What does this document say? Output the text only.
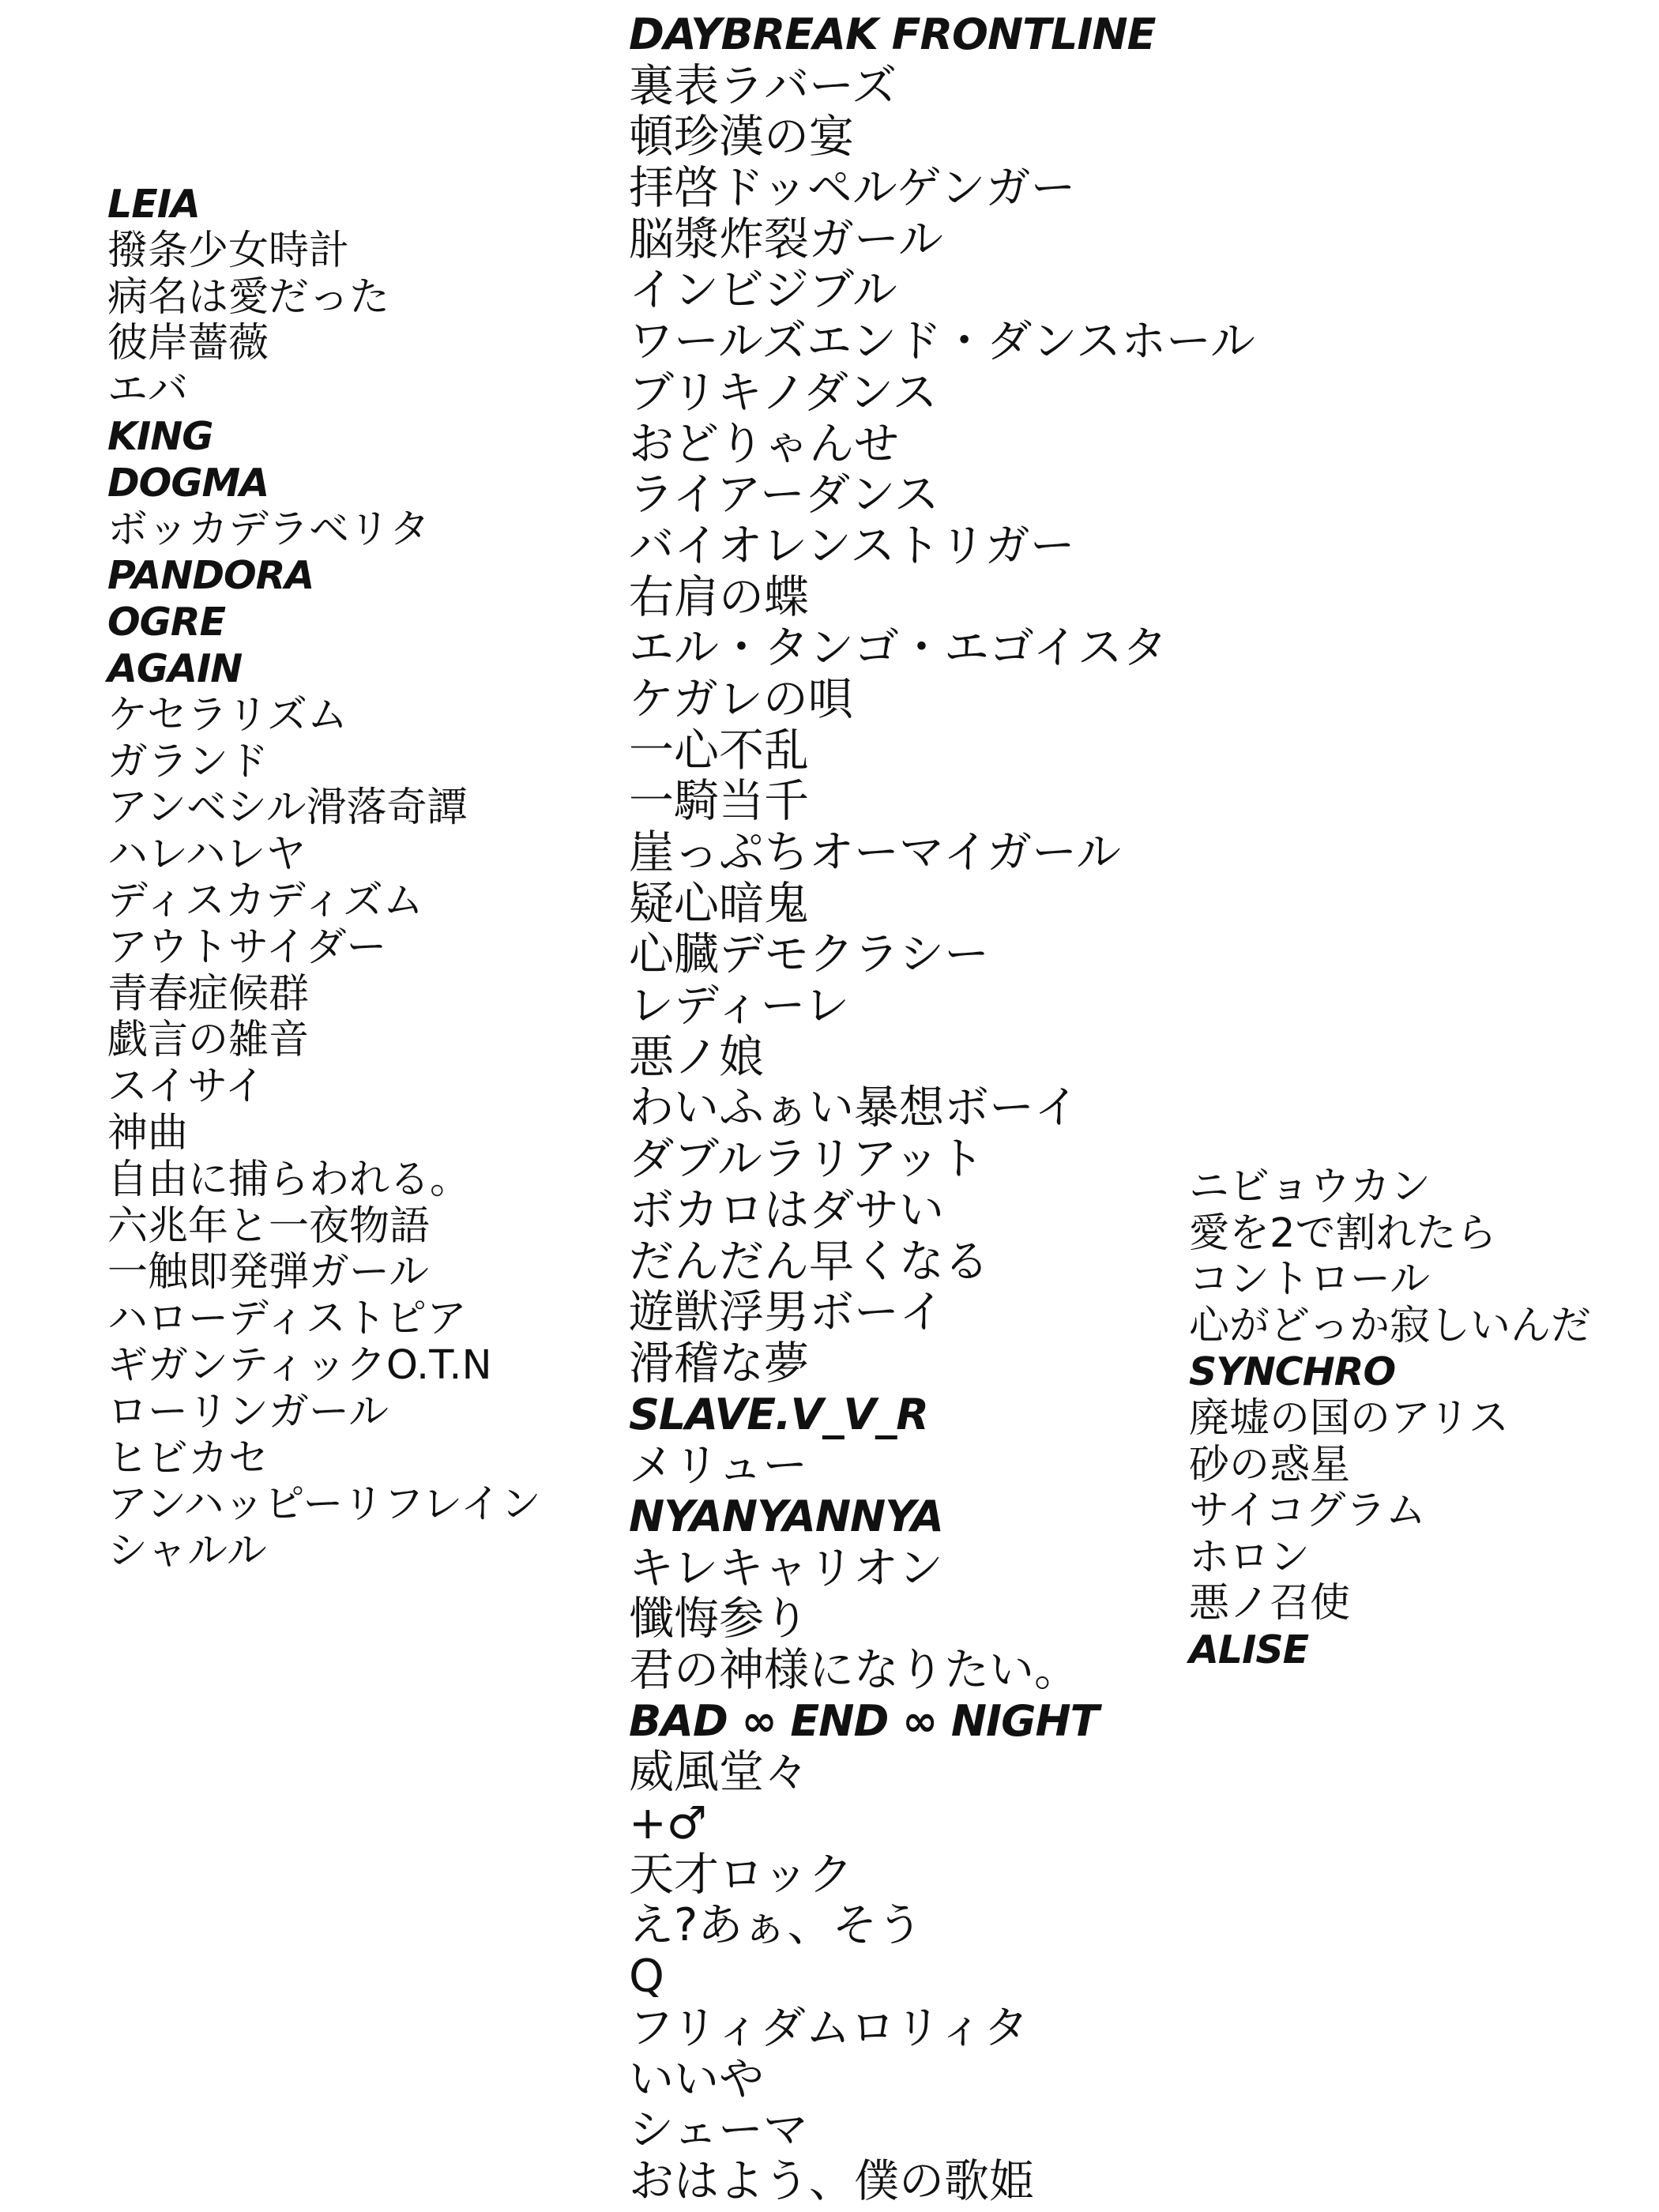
LEIA
撥条少女時計
病名は愛だった
彼岸薔薇
エバ
KING
DOGMA
ボッカデラベリタ
PANDORA
OGRE
AGAIN
ケセラリズム
ガランド
アンベシル滑落奇譚
ハレハレヤ
ディスカディズム
アウトサイダー
青春症候群
戯言の雑音
スイサイ
神曲
自由に捕らわれる。
六兆年と一夜物語
一触即発弾ガール
ハローディストピア
ギガンティックO.T.N
ローリンガール
ヒビカセ
アンハッピーリフレイン
シャルル
DAYBREAK FRONTLINE
裏表ラバーズ
頓珍漢の宴
拝啓ドッペルゲンガー
脳漿炸裂ガール
インビジブル
ワールズエンド・ダンスホール
ブリキノダンス
おどりゃんせ
ライアーダンス
バイオレンストリガー
右肩の蝶
エル・タンゴ・エゴイスタ
ケガレの唄
一心不乱
一騎当千
崖っぷちオーマイガール
疑心暗鬼
心臓デモクラシー
レディーレ
悪ノ娘
わいふぁい暴想ボーイ
ダブルラリアット
ボカロはダサい
だんだん早くなる
遊獣浮男ボーイ
滑稽な夢
SLAVE.V_V_R
メリュー
NYANYANNYA
キレキャリオン
懺悔参り
君の神様になりたい。
BAD ∞ END ∞ NIGHT
威風堂々
+♂
天才ロック
え?あぁ、そう
Q
フリィダムロリィタ
いいや
シェーマ
おはよう、僕の歌姫
ニビョウカン
愛を2で割れたら
コントロール
心がどっか寂しいんだ
SYNCHRO
廃墟の国のアリス
砂の惑星
サイコグラム
ホロン
悪ノ召使
ALISE
